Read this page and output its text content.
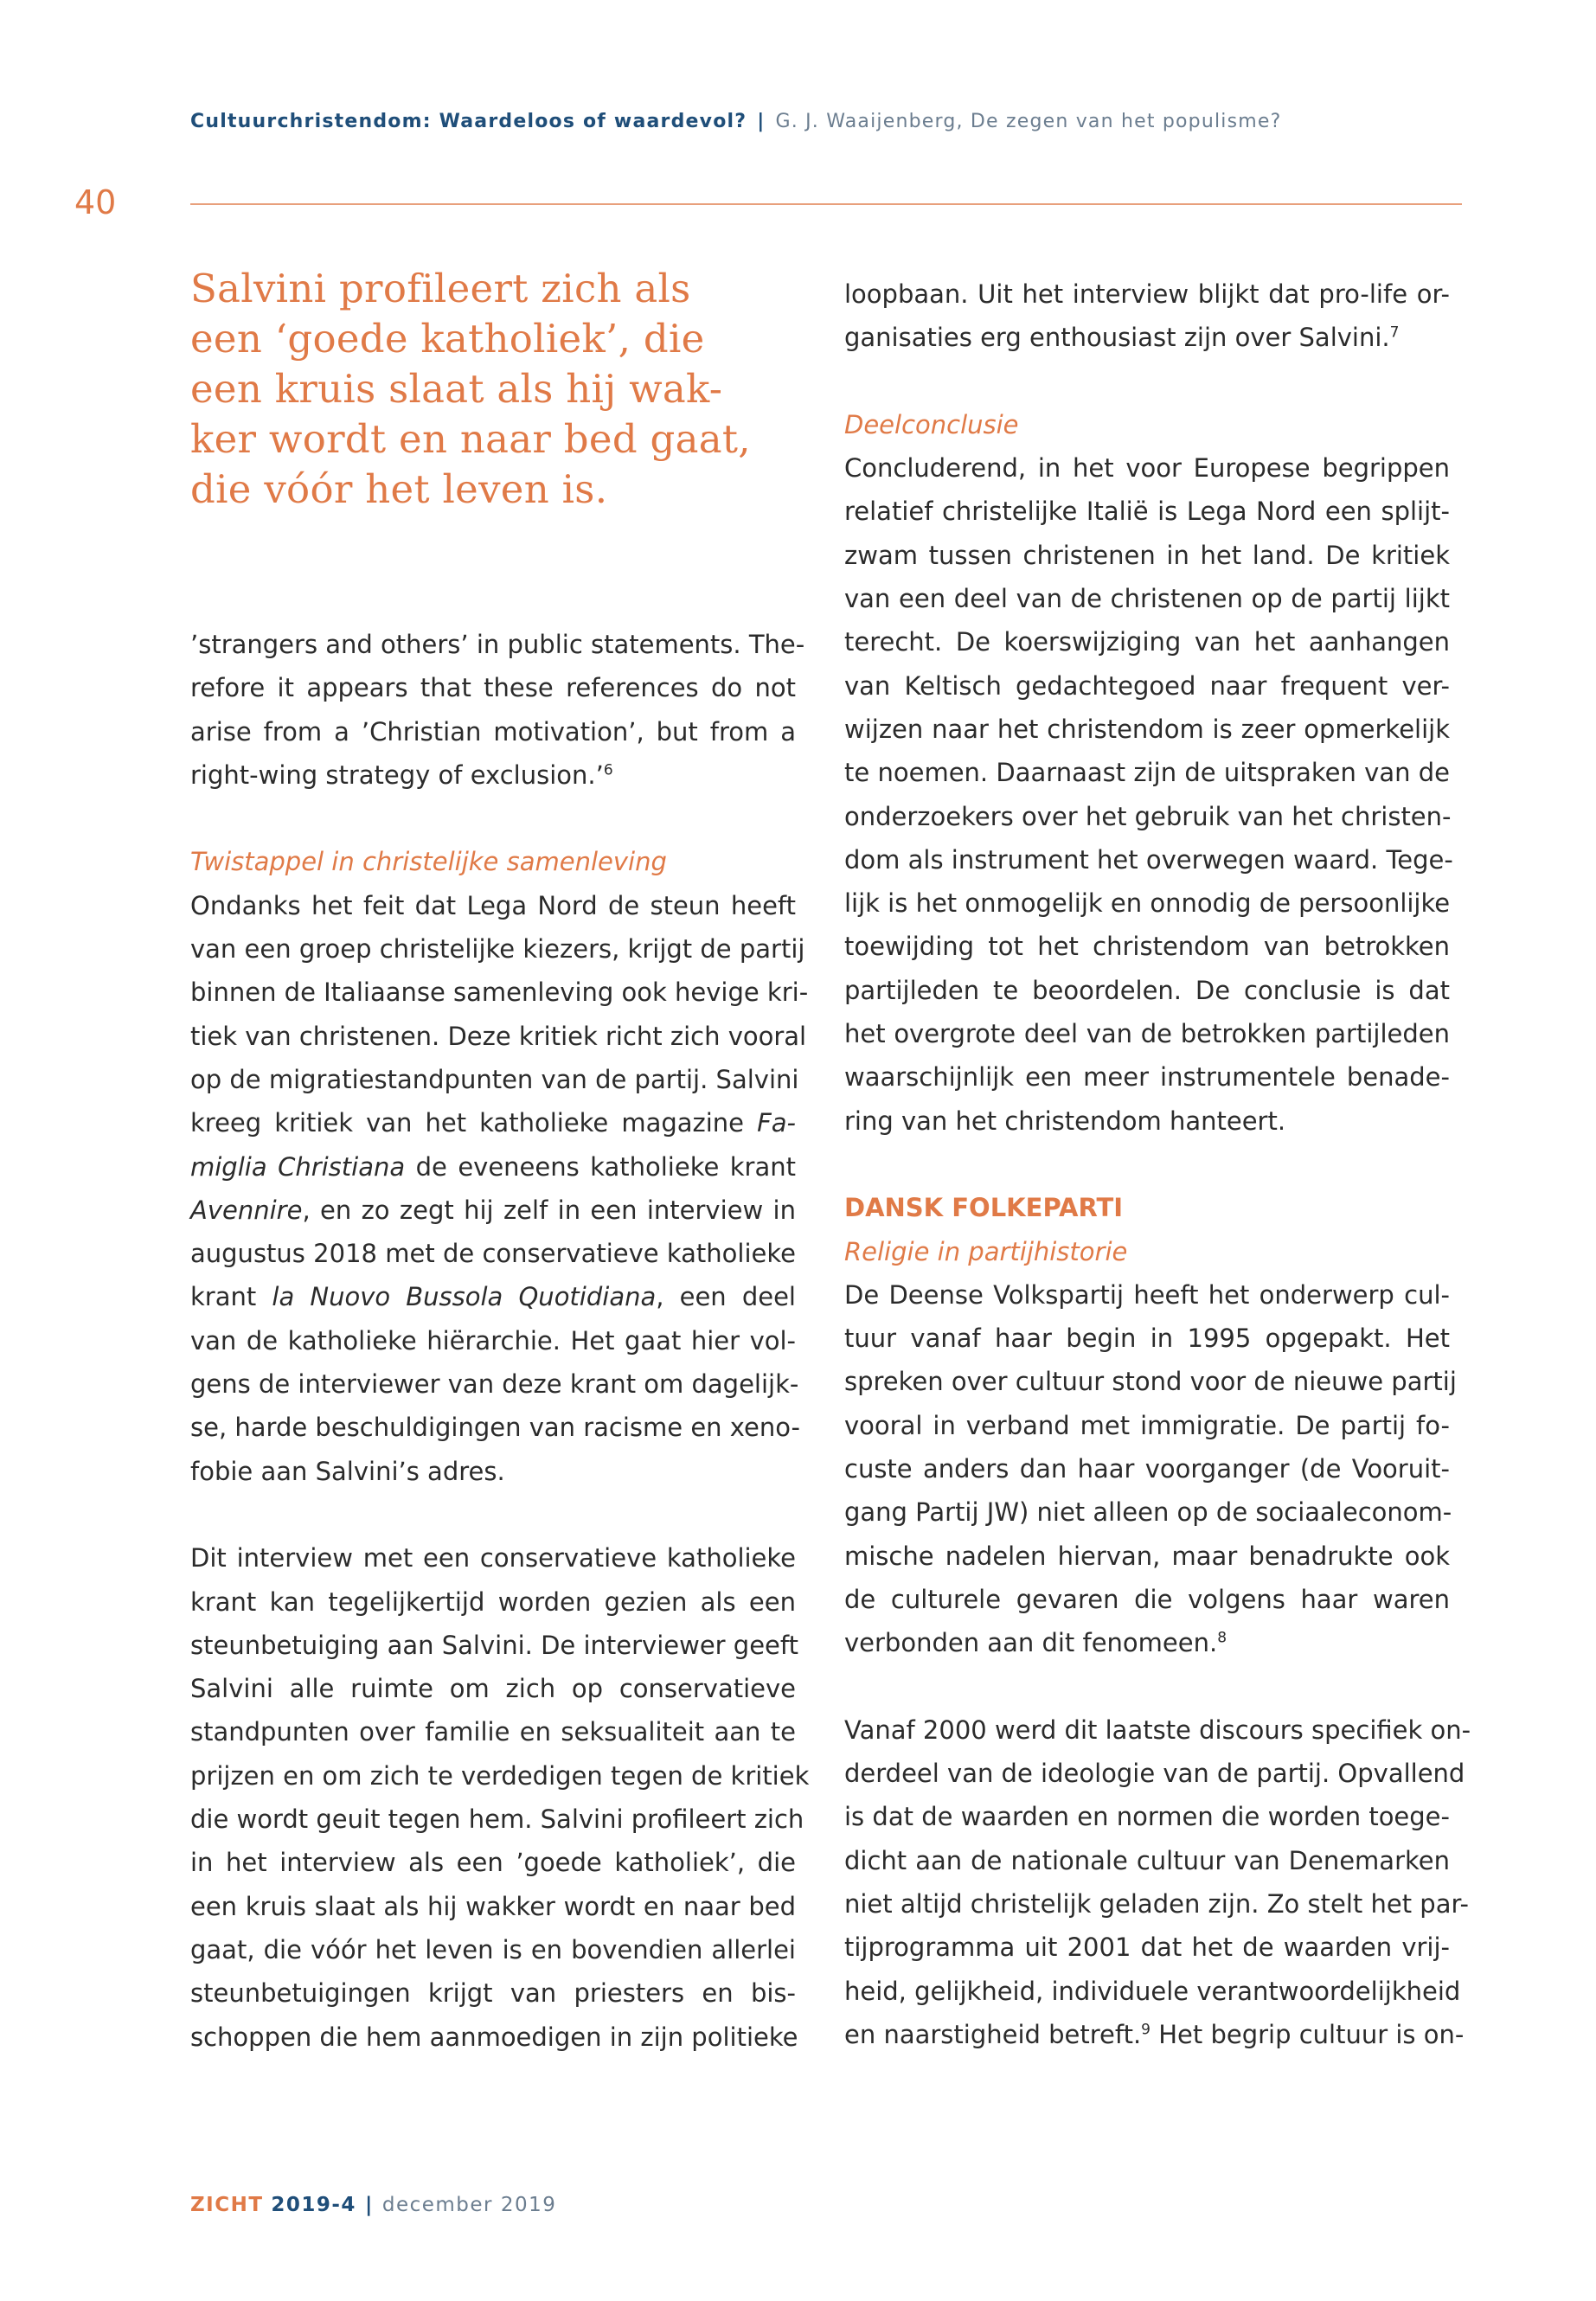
Cultuurchristendom: Waardeloos of waardevol? | G. J. Waaijenberg, De zegen van het populisme?
40
Salvini profileert zich als
een ‘goede katholiek’, die
een kruis slaat als hij wak-
ker wordt en naar bed gaat,
die vóór het leven is.

’strangers and others’ in public statements. The-
refore it appears that these references do not
arise from a ’Christian motivation’, but from a
right-wing strategy of exclusion.’$^6$

Twistappel in christelijke samenleving

Ondanks het feit dat Lega Nord de steun heeft
van een groep christelijke kiezers, krijgt de partij
binnen de Italiaanse samenleving ook hevige kri-
tiek van christenen. Deze kritiek richt zich vooral
op de migratiestandpunten van de partij. Salvini
kreeg kritiek van het katholieke magazine Fa-
miglia Christiana de eveneens katholieke krant
Avennire, en zo zegt hij zelf in een interview in
augustus 2018 met de conservatieve katholieke
krant la Nuovo Bussola Quotidiana, een deel
van de katholieke hiërarchie. Het gaat hier vol-
gens de interviewer van deze krant om dagelijk-
se, harde beschuldigingen van racisme en xeno-
fobie aan Salvini’s adres.

Dit interview met een conservatieve katholieke
krant kan tegelijkertijd worden gezien als een
steunbetuiging aan Salvini. De interviewer geeft
Salvini alle ruimte om zich op conservatieve
standpunten over familie en seksualiteit aan te
prijzen en om zich te verdedigen tegen de kritiek
die wordt geuit tegen hem. Salvini profileert zich
in het interview als een ’goede katholiek’, die
een kruis slaat als hij wakker wordt en naar bed
gaat, die vóór het leven is en bovendien allerlei
steunbetuigingen krijgt van priesters en bis-
schoppen die hem aanmoedigen in zijn politieke

loopbaan. Uit het interview blijkt dat pro-life or-
ganisaties erg enthousiast zijn over Salvini.$^7$

Deelconclusie

Concluderend, in het voor Europese begrippen
relatief christelijke Italië is Lega Nord een splijt-
zwam tussen christenen in het land. De kritiek
van een deel van de christenen op de partij lijkt
terecht. De koerswijziging van het aanhangen
van Keltisch gedachtegoed naar frequent ver-
wijzen naar het christendom is zeer opmerkelijk
te noemen. Daarnaast zijn de uitspraken van de
onderzoekers over het gebruik van het christen-
dom als instrument het overwegen waard. Tege-
lijk is het onmogelijk en onnodig de persoonlijke
toewijding tot het christendom van betrokken
partijleden te beoordelen. De conclusie is dat
het overgrote deel van de betrokken partijleden
waarschijnlijk een meer instrumentele benade-
ring van het christendom hanteert.

DANSK FOLKEPARTI
Religie in partijhistorie

De Deense Volkspartij heeft het onderwerp cul-
tuur vanaf haar begin in 1995 opgepakt. Het
spreken over cultuur stond voor de nieuwe partij
vooral in verband met immigratie. De partij fo-
custe anders dan haar voorganger (de Vooruit-
gang Partij JW) niet alleen op de sociaaleconom-
mische nadelen hiervan, maar benadrukte ook
de culturele gevaren die volgens haar waren
verbonden aan dit fenomeen.$^8$

Vanaf 2000 werd dit laatste discours specifiek on-
derdeel van de ideologie van de partij. Opvallend
is dat de waarden en normen die worden toege-
dicht aan de nationale cultuur van Denemarken
niet altijd christelijk geladen zijn. Zo stelt het par-
tijprogramma uit 2001 dat het de waarden vrij-
heid, gelijkheid, individuele verantwoordelijkheid
en naarstigheid betreft.$^9$ Het begrip cultuur is on-

ZICHT 2019-4 | december 2019
